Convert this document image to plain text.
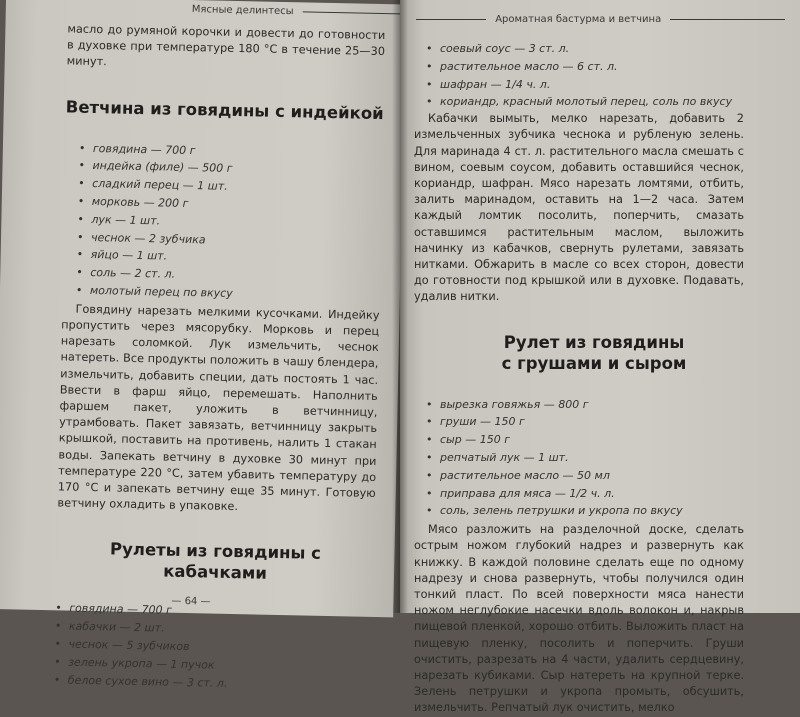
Мясные делинтесы

масло до румяной корочки и довести до готовности в духовке при температуре 180 °С в течение 25—30 минут.

Ветчина из говядины с индейкой
• говядина — 700 г
• индейка (филе) — 500 г
• сладкий перец — 1 шт.
• морковь — 200 г
• лук — 1 шт.
• чеснок — 2 зубчика
• яйцо — 1 шт.
• соль — 2 ст. л.
• молотый перец по вкусу

Говядину нарезать мелкими кусочками. Индейку пропустить через мясорубку. Морковь и перец нарезать соломкой. Лук измельчить, чеснок натереть. Все продукты положить в чашу блендера, измельчить, добавить специи, дать постоять 1 час. Ввести в фарш яйцо, перемешать. Наполнить фаршем пакет, уложить в ветчинницу, утрамбовать. Пакет завязать, ветчинницу закрыть крышкой, поставить на противень, налить 1 стакан воды. Запекать ветчину в духовке 30 минут при температуре 220 °С, затем убавить температуру до 170 °С и запекать ветчину еще 35 минут. Готовую ветчину охладить в упаковке.

Рулеты из говядины с кабачками
• говядина — 700 г
• кабачки — 2 шт.
• чеснок — 5 зубчиков
• зелень укропа — 1 пучок
• белое сухое вино — 3 ст. л.
— 64 —
Ароматная бастурма и ветчина
• соевый соус — 3 ст. л.
• растительное масло — 6 ст. л.
• шафран — 1/4 ч. л.
• кориандр, красный молотый перец, соль по вкусу

Кабачки вымыть, мелко нарезать, добавить 2 измельченных зубчика чеснока и рубленую зелень. Для маринада 4 ст. л. растительного масла смешать с вином, соевым соусом, добавить оставшийся чеснок, кориандр, шафран. Мясо нарезать ломтями, отбить, залить маринадом, оставить на 1—2 часа. Затем каждый ломтик посолить, поперчить, смазать оставшимся растительным маслом, выложить начинку из кабачков, свернуть рулетами, завязать нитками. Обжарить в масле со всех сторон, довести до готовности под крышкой или в духовке. Подавать, удалив нитки.

Рулет из говядины
с грушами и сыром
• вырезка говяжья — 800 г
• груши — 150 г
• сыр — 150 г
• репчатый лук — 1 шт.
• растительное масло — 50 мл
• приправа для мяса — 1/2 ч. л.
• соль, зелень петрушки и укропа по вкусу

Мясо разложить на разделочной доске, сделать острым ножом глубокий надрез и развернуть как книжку. В каждой половине сделать еще по одному надрезу и снова развернуть, чтобы получился один тонкий пласт. По всей поверхности мяса нанести ножом неглубокие насечки вдоль волокон и, накрыв пищевой пленкой, хорошо отбить. Выложить пласт на пищевую пленку, посолить и поперчить. Груши очистить, разрезать на 4 части, удалить сердцевину, нарезать кубиками. Сыр натереть на крупной терке. Зелень петрушки и укропа промыть, обсушить, измельчить. Репчатый лук очистить, мелко
